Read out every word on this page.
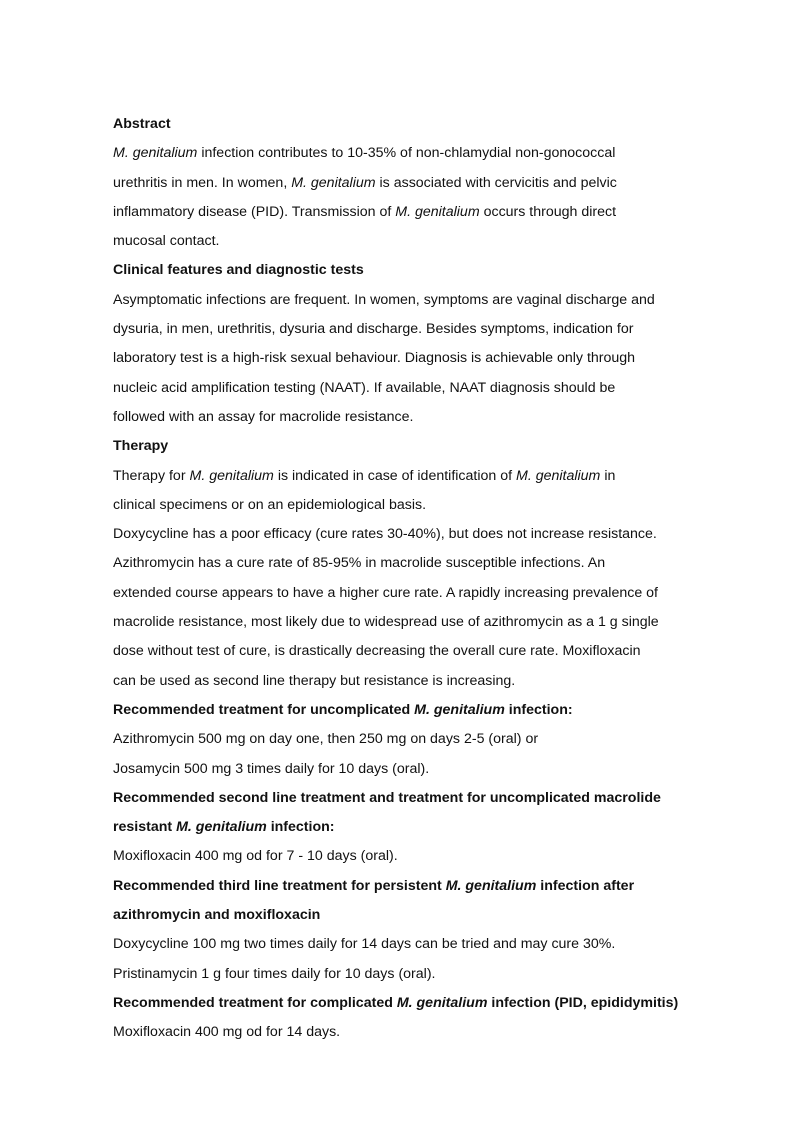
Abstract
M. genitalium infection contributes to 10-35% of non-chlamydial non-gonococcal
urethritis in men. In women, M. genitalium is associated with cervicitis and pelvic
inflammatory disease (PID). Transmission of M. genitalium occurs through direct
mucosal contact.
Clinical features and diagnostic tests
Asymptomatic infections are frequent. In women, symptoms are vaginal discharge and
dysuria, in men, urethritis, dysuria and discharge. Besides symptoms, indication for
laboratory test is a high-risk sexual behaviour. Diagnosis is achievable only through
nucleic acid amplification testing (NAAT). If available, NAAT diagnosis should be
followed with an assay for macrolide resistance.
Therapy
Therapy for M. genitalium is indicated in case of identification of M. genitalium in
clinical specimens or on an epidemiological basis.
Doxycycline has a poor efficacy (cure rates 30-40%), but does not increase resistance.
Azithromycin has a cure rate of 85-95% in macrolide susceptible infections. An
extended course appears to have a higher cure rate. A rapidly increasing prevalence of
macrolide resistance, most likely due to widespread use of azithromycin as a 1 g single
dose without test of cure, is drastically decreasing the overall cure rate. Moxifloxacin
can be used as second line therapy but resistance is increasing.
Recommended treatment for uncomplicated M. genitalium infection:
Azithromycin 500 mg on day one, then 250 mg on days 2-5 (oral) or
Josamycin 500 mg 3 times daily for 10 days (oral).
Recommended second line treatment and treatment for uncomplicated macrolide
resistant M. genitalium infection:
Moxifloxacin 400 mg od for 7 - 10 days (oral).
Recommended third line treatment for persistent M. genitalium infection after
azithromycin and moxifloxacin
Doxycycline 100 mg two times daily for 14 days can be tried and may cure 30%.
Pristinamycin 1 g four times daily for 10 days (oral).
Recommended treatment for complicated M. genitalium infection (PID, epididymitis)
Moxifloxacin 400 mg od for 14 days.
